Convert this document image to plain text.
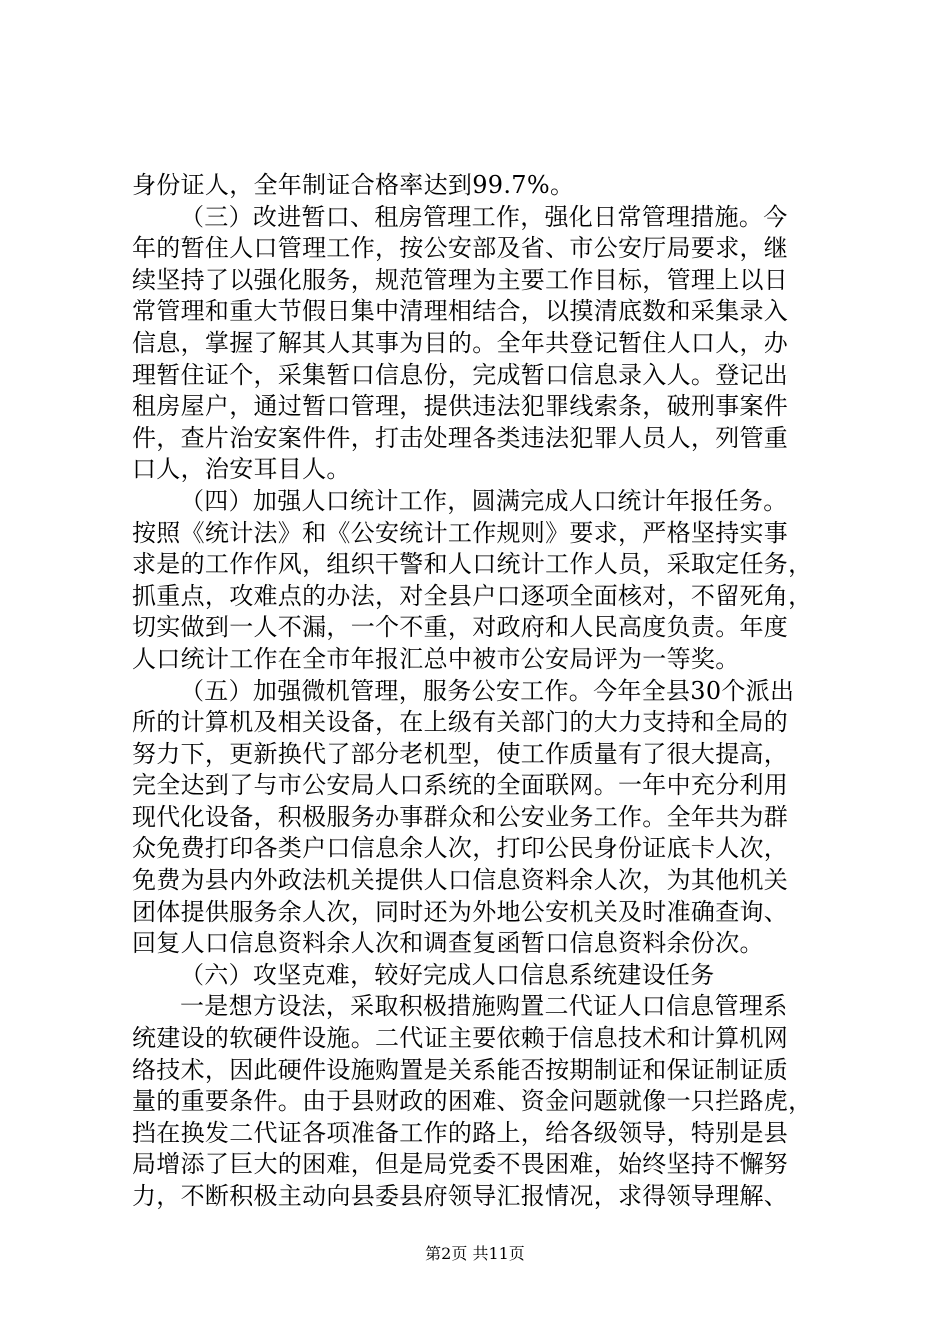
身份证人，全年制证合格率达到99.7%。
（三）改进暂口、租房管理工作，强化日常管理措施。今
年的暂住人口管理工作，按公安部及省、市公安厅局要求，继
续坚持了以强化服务，规范管理为主要工作目标，管理上以日
常管理和重大节假日集中清理相结合，以摸清底数和采集录入
信息，掌握了解其人其事为目的。全年共登记暂住人口人，办
理暂住证个，采集暂口信息份，完成暂口信息录入人。登记出
租房屋户，通过暂口管理，提供违法犯罪线索条，破刑事案件
件，查片治安案件件，打击处理各类违法犯罪人员人，列管重
口人，治安耳目人。
（四）加强人口统计工作，圆满完成人口统计年报任务。
按照《统计法》和《公安统计工作规则》要求，严格坚持实事
求是的工作作风，组织干警和人口统计工作人员，采取定任务，
抓重点，攻难点的办法，对全县户口逐项全面核对，不留死角，
切实做到一人不漏，一个不重，对政府和人民高度负责。年度
人口统计工作在全市年报汇总中被市公安局评为一等奖。
（五）加强微机管理，服务公安工作。今年全县30个派出
所的计算机及相关设备，在上级有关部门的大力支持和全局的
努力下，更新换代了部分老机型，使工作质量有了很大提高，
完全达到了与市公安局人口系统的全面联网。一年中充分利用
现代化设备，积极服务办事群众和公安业务工作。全年共为群
众免费打印各类户口信息余人次，打印公民身份证底卡人次，
免费为县内外政法机关提供人口信息资料余人次，为其他机关
团体提供服务余人次，同时还为外地公安机关及时准确查询、
回复人口信息资料余人次和调查复函暂口信息资料余份次。
（六）攻坚克难，较好完成人口信息系统建设任务
一是想方设法，采取积极措施购置二代证人口信息管理系
统建设的软硬件设施。二代证主要依赖于信息技术和计算机网
络技术，因此硬件设施购置是关系能否按期制证和保证制证质
量的重要条件。由于县财政的困难、资金问题就像一只拦路虎，
挡在换发二代证各项准备工作的路上，给各级领导，特别是县
局增添了巨大的困难，但是局党委不畏困难，始终坚持不懈努
力，不断积极主动向县委县府领导汇报情况，求得领导理解、
第2页 共11页
